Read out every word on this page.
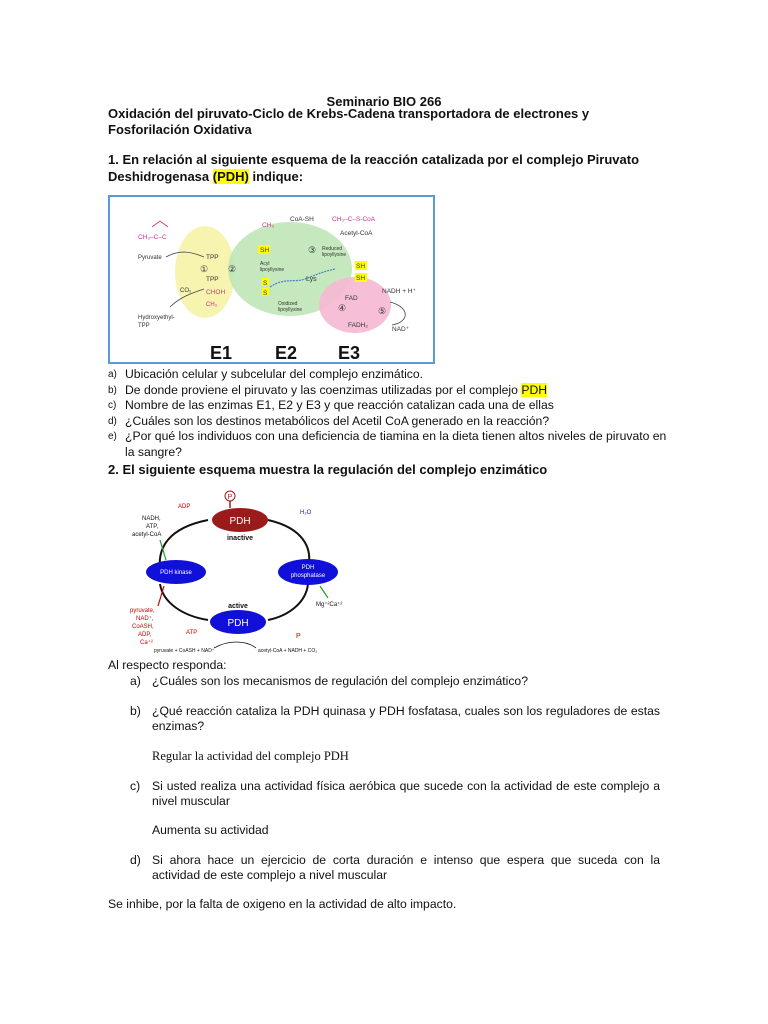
Seminario BIO 266
Oxidación del piruvato-Ciclo de Krebs-Cadena transportadora de electrones y Fosforilación Oxidativa
1. En relación al siguiente esquema de la reacción catalizada por el complejo Piruvato Deshidrogenasa (PDH) indique:
CH₃–C–C
Pyruvate
CO₂
Hydroxyethyl-
TPP
TPP
TPP
CHOH
CH₃
① ②
CH₃
CoA-SH	CH₃–C–S-CoA
Acetyl-CoA
③ Reduced
lipoyllysine
SH
Acyl
lipoyllysine
S
S
Lys
SH
SH
Oxidized
lipoyllysine
FAD
④
FADH₂
⑤
NADH + H⁺
NAD⁺
E1 E2 E3
a) Ubicación celular y subcelular del complejo enzimático.
b) De donde proviene el piruvato y las coenzimas utilizadas por el complejo PDH
c) Nombre de las enzimas E1, E2 y E3 y que reacción catalizan cada una de ellas
d) ¿Cuáles son los destinos metabólicos del Acetil CoA generado en la reacción?
e) ¿Por qué los individuos con una deficiencia de tiamina en la dieta tienen altos niveles de piruvato en la sangre?
2. El siguiente esquema muestra la regulación del complejo enzimático
PDH
P
inactive
PDH kinase
PDH
phosphatase
active
PDH
ADP
NADH,
ATP,
acetyl-CoA
H₂O
pyruvate,
NAD⁺,
CoASH,
ADP,
Ca⁺²
ATP
Mg⁺²Ca⁺²
P
pyruvate + CoASH + NAD⁺	acetyl-CoA + NADH + CO₂
Al respecto responda:
a) ¿Cuáles son los mecanismos de regulación del complejo enzimático?
b) ¿Qué reacción cataliza la PDH quinasa y PDH fosfatasa, cuales son los reguladores de estas enzimas?
Regular la actividad del complejo PDH
c) Si usted realiza una actividad física aeróbica que sucede con la actividad de este complejo a nivel muscular
Aumenta su actividad
d) Si ahora hace un ejercicio de corta duración e intenso que espera que suceda con la actividad de este complejo a nivel muscular
Se inhibe, por la falta de oxigeno en la actividad de alto impacto.
